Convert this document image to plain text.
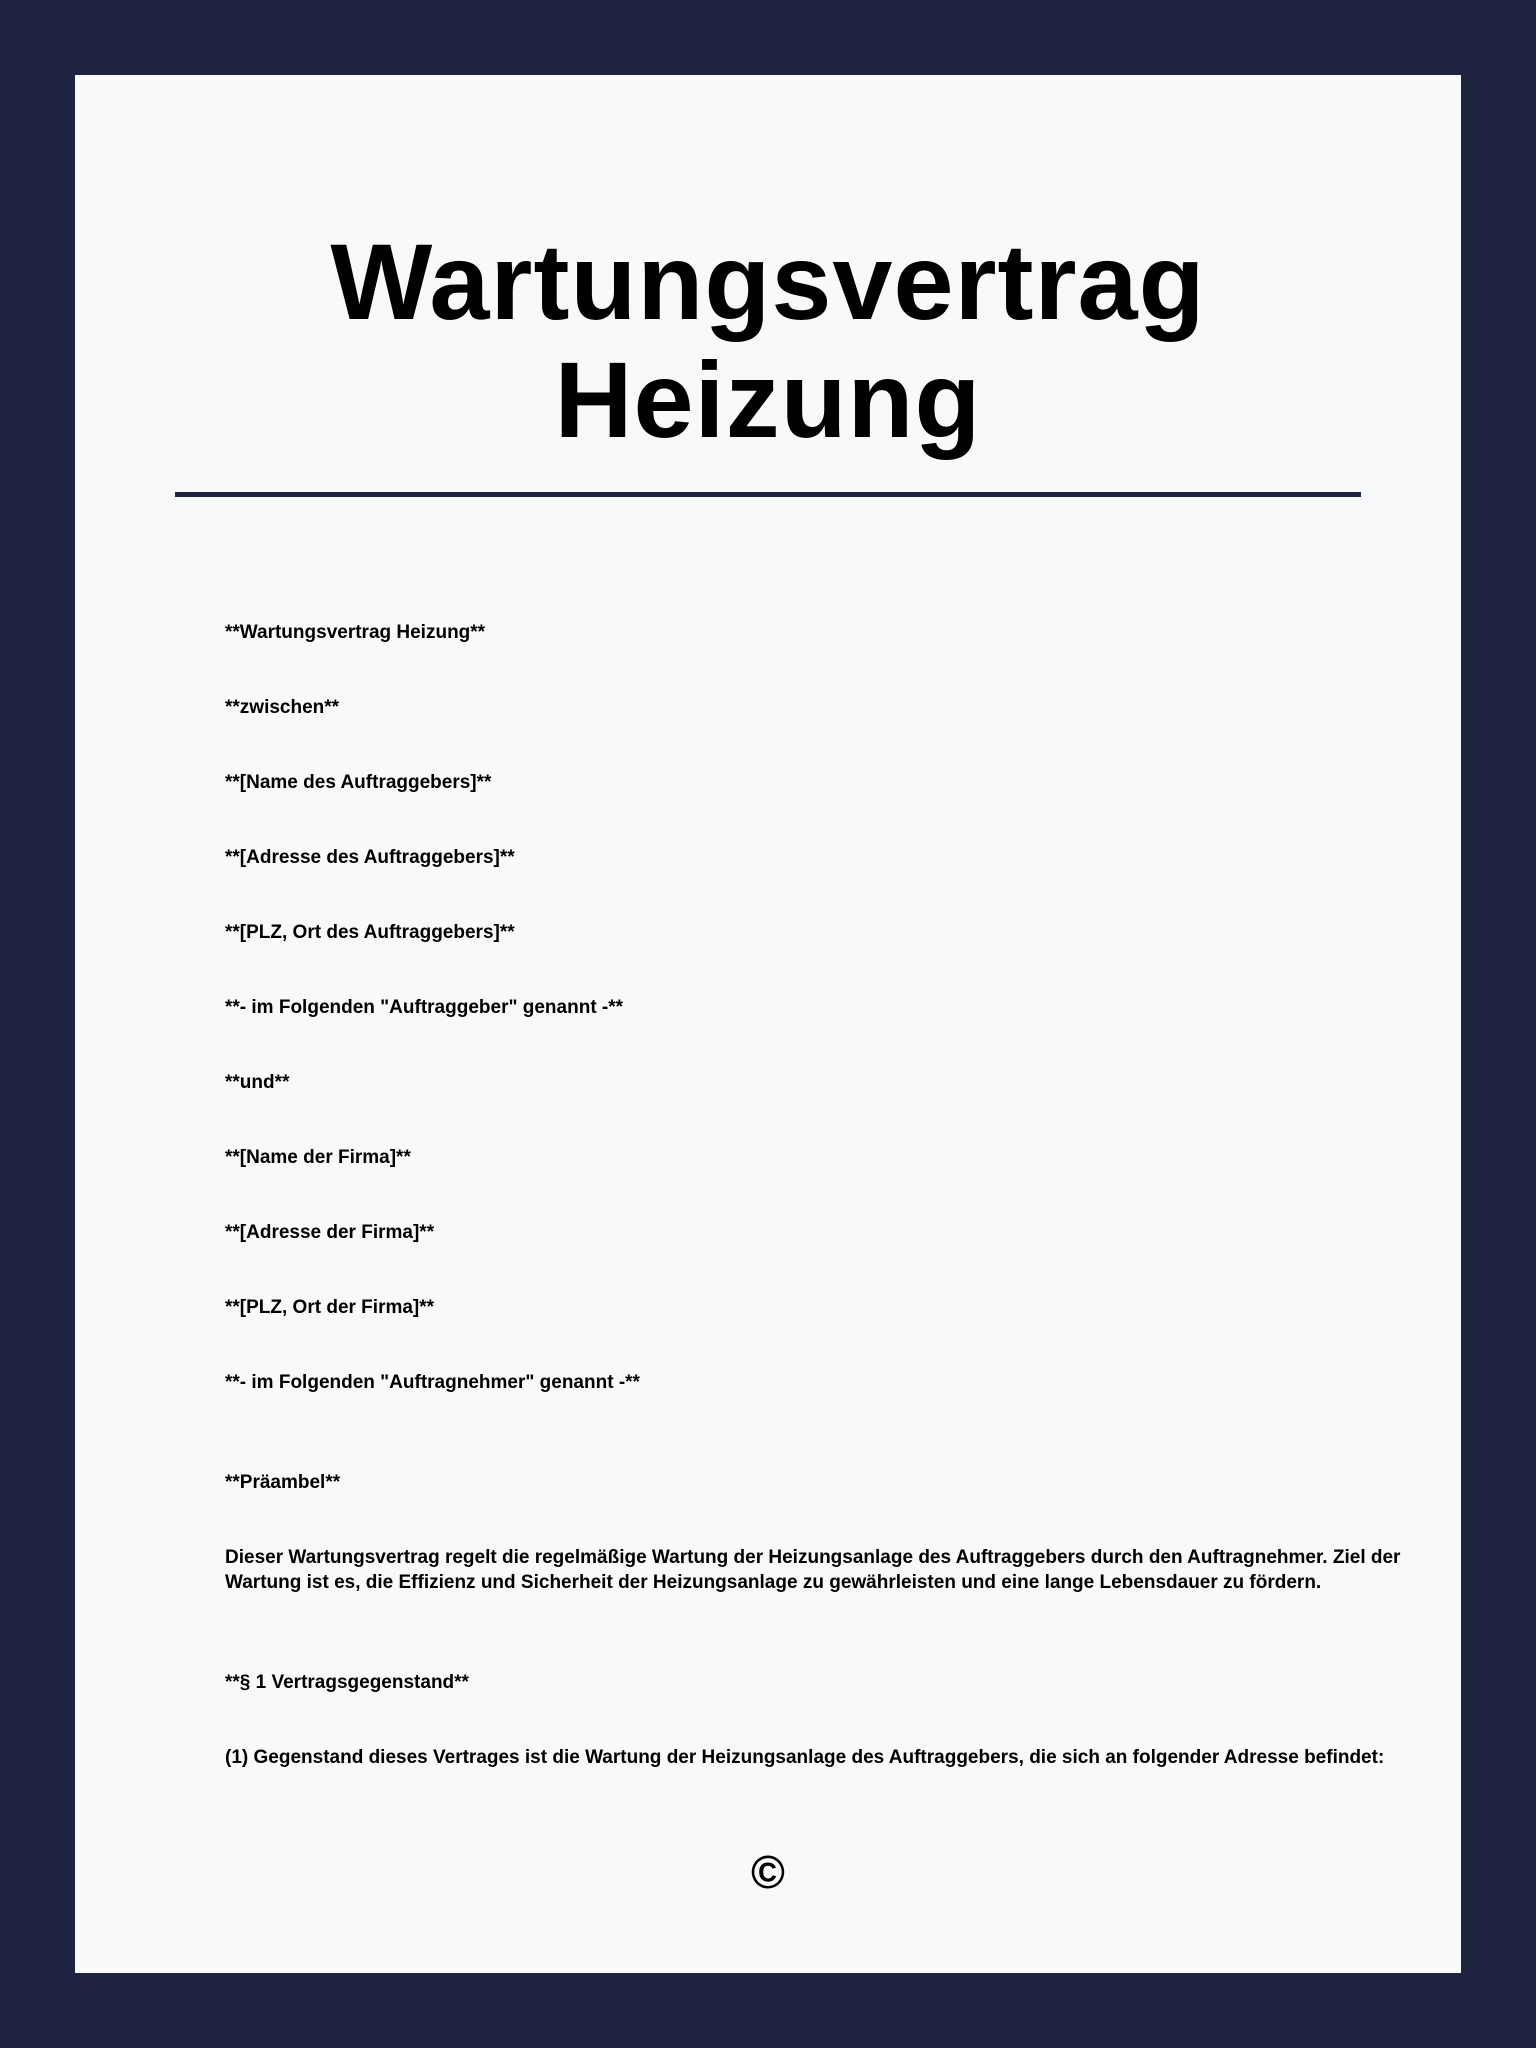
Wartungsvertrag
Heizung

**Wartungsvertrag Heizung**

**zwischen**

**[Name des Auftraggebers]**

**[Adresse des Auftraggebers]**

**[PLZ, Ort des Auftraggebers]**

**- im Folgenden "Auftraggeber" genannt -**

**und**

**[Name der Firma]**

**[Adresse der Firma]**

**[PLZ, Ort der Firma]**

**- im Folgenden "Auftragnehmer" genannt -**

**Präambel**

Dieser Wartungsvertrag regelt die regelmäßige Wartung der Heizungsanlage des Auftraggebers durch den Auftragnehmer. Ziel der Wartung ist es, die Effizienz und Sicherheit der Heizungsanlage zu gewährleisten und eine lange Lebensdauer zu fördern.

**§ 1 Vertragsgegenstand**

(1) Gegenstand dieses Vertrages ist die Wartung der Heizungsanlage des Auftraggebers, die sich an folgender Adresse befindet:

©
